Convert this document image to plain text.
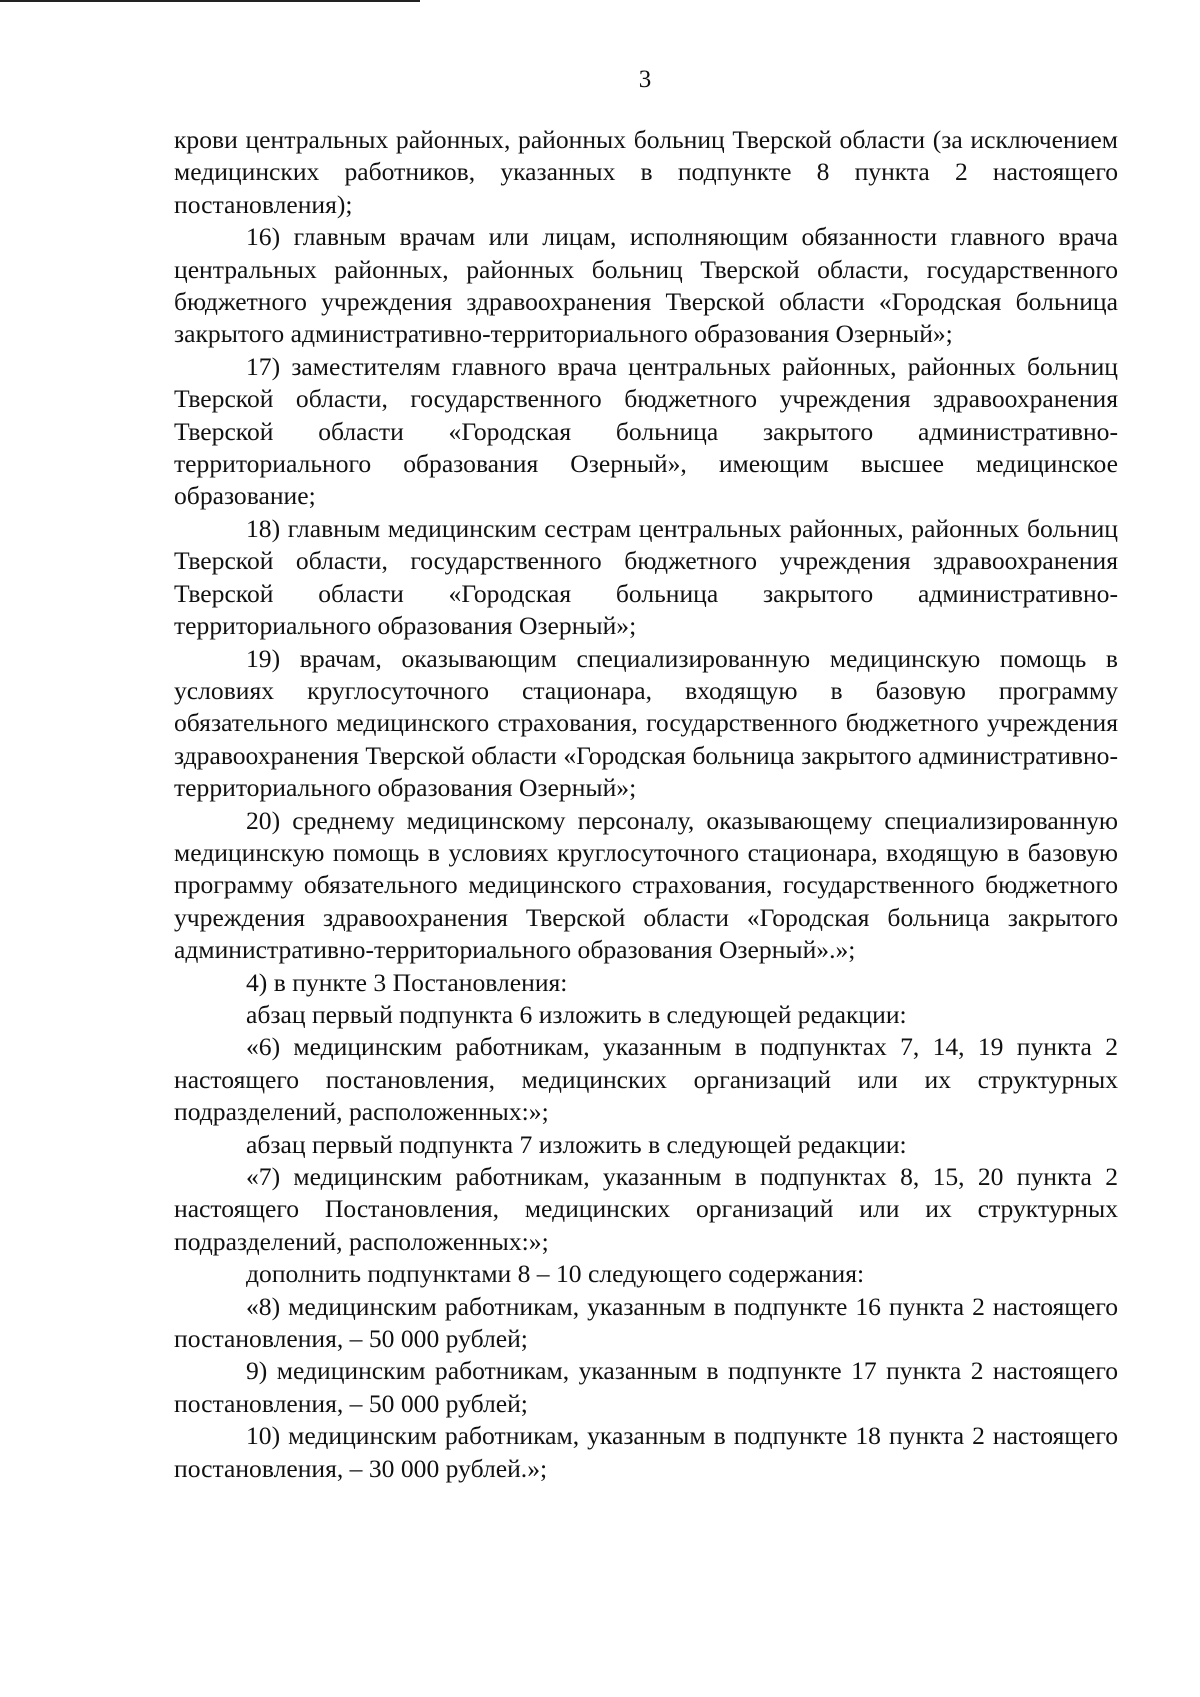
3

крови центральных районных, районных больниц Тверской области (за исключением медицинских работников, указанных в подпункте 8 пункта 2 настоящего постановления);

16) главным врачам или лицам, исполняющим обязанности главного врача центральных районных, районных больниц Тверской области, государственного бюджетного учреждения здравоохранения Тверской области «Городская больница закрытого административно-территориального образования Озерный»;

17) заместителям главного врача центральных районных, районных больниц Тверской области, государственного бюджетного учреждения здравоохранения Тверской области «Городская больница закрытого административно-территориального образования Озерный», имеющим высшее медицинское образование;

18) главным медицинским сестрам центральных районных, районных больниц Тверской области, государственного бюджетного учреждения здравоохранения Тверской области «Городская больница закрытого административно-территориального образования Озерный»;

19) врачам, оказывающим специализированную медицинскую помощь в условиях круглосуточного стационара, входящую в базовую программу обязательного медицинского страхования, государственного бюджетного учреждения здравоохранения Тверской области «Городская больница закрытого административно-территориального образования Озерный»;

20) среднему медицинскому персоналу, оказывающему специализированную медицинскую помощь в условиях круглосуточного стационара, входящую в базовую программу обязательного медицинского страхования, государственного бюджетного учреждения здравоохранения Тверской области «Городская больница закрытого административно-территориального образования Озерный».»;

4) в пункте 3 Постановления:

абзац первый подпункта 6 изложить в следующей редакции:

«6) медицинским работникам, указанным в подпунктах 7, 14, 19 пункта 2 настоящего постановления, медицинских организаций или их структурных подразделений, расположенных:»;

абзац первый подпункта 7 изложить в следующей редакции:

«7) медицинским работникам, указанным в подпунктах 8, 15, 20 пункта 2 настоящего Постановления, медицинских организаций или их структурных подразделений, расположенных:»;

дополнить подпунктами 8 – 10 следующего содержания:

«8) медицинским работникам, указанным в подпункте 16 пункта 2 настоящего постановления, – 50 000 рублей;

9) медицинским работникам, указанным в подпункте 17 пункта 2 настоящего постановления, – 50 000 рублей;

10) медицинским работникам, указанным в подпункте 18 пункта 2 настоящего постановления, – 30 000 рублей.»;
